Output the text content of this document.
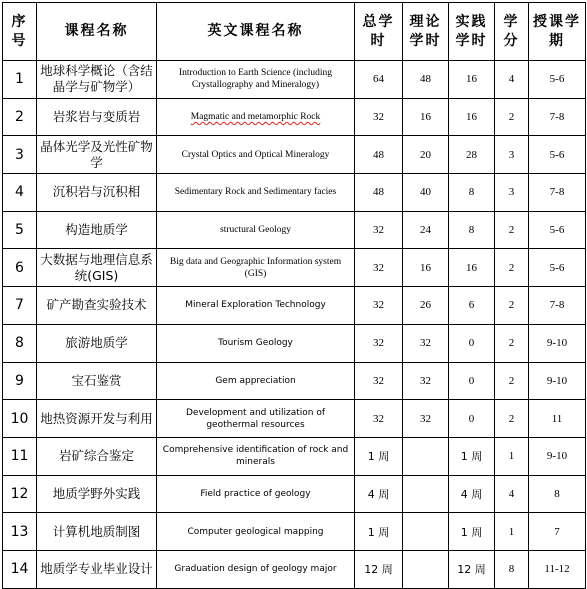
序号	课程名称	英文课程名称	总学时	理论学时	实践学时	学分	授课学期
1	地球科学概论（含结晶学与矿物学）	Introduction to Earth Science (including Crystallography and Mineralogy)	64	48	16	4	5-6
2	岩浆岩与变质岩	Magmatic and metamorphic Rock	32	16	16	2	7-8
3	晶体光学及光性矿物学	Crystal Optics and Optical Mineralogy	48	20	28	3	5-6
4	沉积岩与沉积相	Sedimentary Rock and Sedimentary facies	48	40	8	3	7-8
5	构造地质学	structural Geology	32	24	8	2	5-6
6	大数据与地理信息系统(GIS)	Big data and Geographic Information system (GIS)	32	16	16	2	5-6
7	矿产勘查实验技术	Mineral Exploration Technology	32	26	6	2	7-8
8	旅游地质学	Tourism Geology	32	32	0	2	9-10
9	宝石鉴赏	Gem appreciation	32	32	0	2	9-10
10	地热资源开发与利用	Development and utilization of geothermal resources	32	32	0	2	11
11	岩矿综合鉴定	Comprehensive identification of rock and minerals	1 周		1 周	1	9-10
12	地质学野外实践	Field practice of geology	4 周		4 周	4	8
13	计算机地质制图	Computer geological mapping	1 周		1 周	1	7
14	地质学专业毕业设计	Graduation design of geology major	12 周		12 周	8	11-12
